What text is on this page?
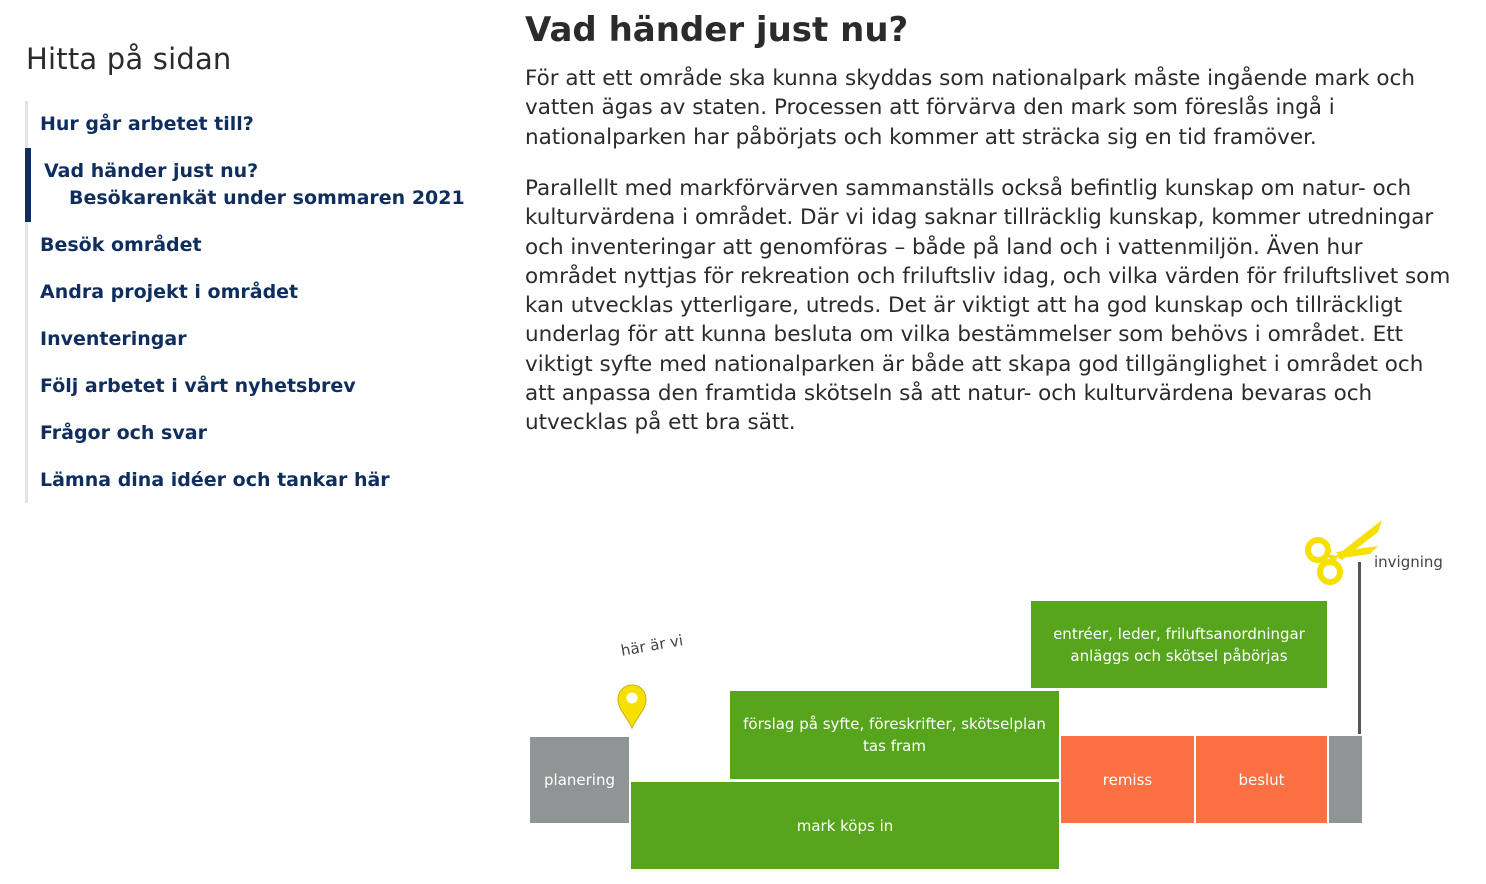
Hitta på sidan
Hur går arbetet till?
Vad händer just nu?
Besökarenkät under sommaren 2021
Besök området
Andra projekt i området
Inventeringar
Följ arbetet i vårt nyhetsbrev
Frågor och svar
Lämna dina idéer och tankar här
Vad händer just nu?

För att ett område ska kunna skyddas som nationalpark måste ingående mark och vatten ägas av staten. Processen att förvärva den mark som föreslås ingå i nationalparken har påbörjats och kommer att sträcka sig en tid framöver.

Parallellt med markförvärven sammanställs också befintlig kunskap om natur- och kulturvärdena i området. Där vi idag saknar tillräcklig kunskap, kommer utredningar och inventeringar att genomföras – både på land och i vattenmiljön. Även hur området nyttjas för rekreation och friluftsliv idag, och vilka värden för friluftslivet som kan utvecklas ytterligare, utreds. Det är viktigt att ha god kunskap och tillräckligt underlag för att kunna besluta om vilka bestämmelser som behövs i området. Ett viktigt syfte med nationalparken är både att skapa god tillgänglighet i området och att anpassa den framtida skötseln så att natur- och kulturvärdena bevaras och utvecklas på ett bra sätt.

planering
mark köps in
förslag på syfte, föreskrifter, skötselplan
tas fram
entréer, leder, friluftsanordningar
anläggs och skötsel påbörjas
remiss	beslut
här är vi
invigning
